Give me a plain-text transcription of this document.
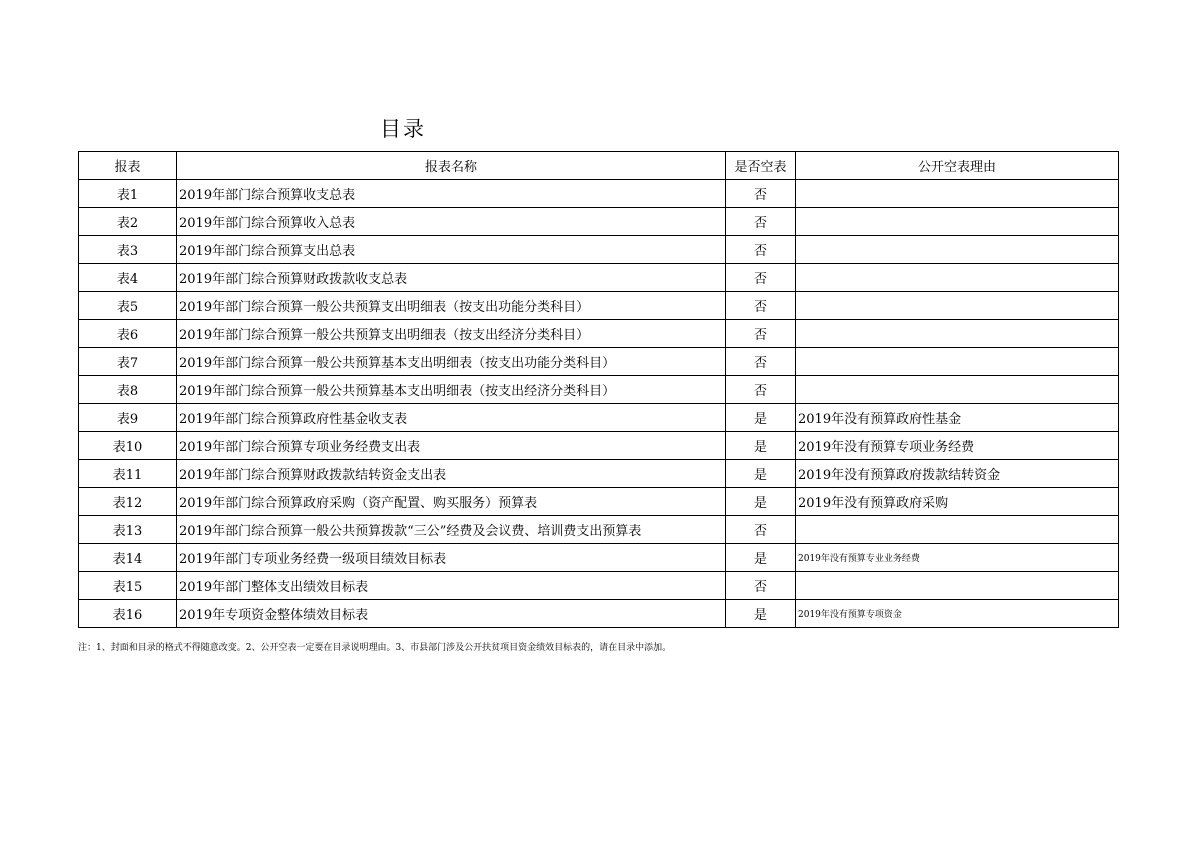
目录
报表	报表名称	是否空表	公开空表理由
表1	2019年部门综合预算收支总表	否	
表2	2019年部门综合预算收入总表	否	
表3	2019年部门综合预算支出总表	否	
表4	2019年部门综合预算财政拨款收支总表	否	
表5	2019年部门综合预算一般公共预算支出明细表（按支出功能分类科目）	否	
表6	2019年部门综合预算一般公共预算支出明细表（按支出经济分类科目）	否	
表7	2019年部门综合预算一般公共预算基本支出明细表（按支出功能分类科目）	否	
表8	2019年部门综合预算一般公共预算基本支出明细表（按支出经济分类科目）	否	
表9	2019年部门综合预算政府性基金收支表	是	2019年没有预算政府性基金
表10	2019年部门综合预算专项业务经费支出表	是	2019年没有预算专项业务经费
表11	2019年部门综合预算财政拨款结转资金支出表	是	2019年没有预算政府拨款结转资金
表12	2019年部门综合预算政府采购（资产配置、购买服务）预算表	是	2019年没有预算政府采购
表13	2019年部门综合预算一般公共预算拨款“三公”经费及会议费、培训费支出预算表	否	
表14	2019年部门专项业务经费一级项目绩效目标表	是	2019年没有预算专业业务经费
表15	2019年部门整体支出绩效目标表	否	
表16	2019年专项资金整体绩效目标表	是	2019年没有预算专项资金
注：1、封面和目录的格式不得随意改变。2、公开空表一定要在目录说明理由。3、市县部门涉及公开扶贫项目资金绩效目标表的，请在目录中添加。
